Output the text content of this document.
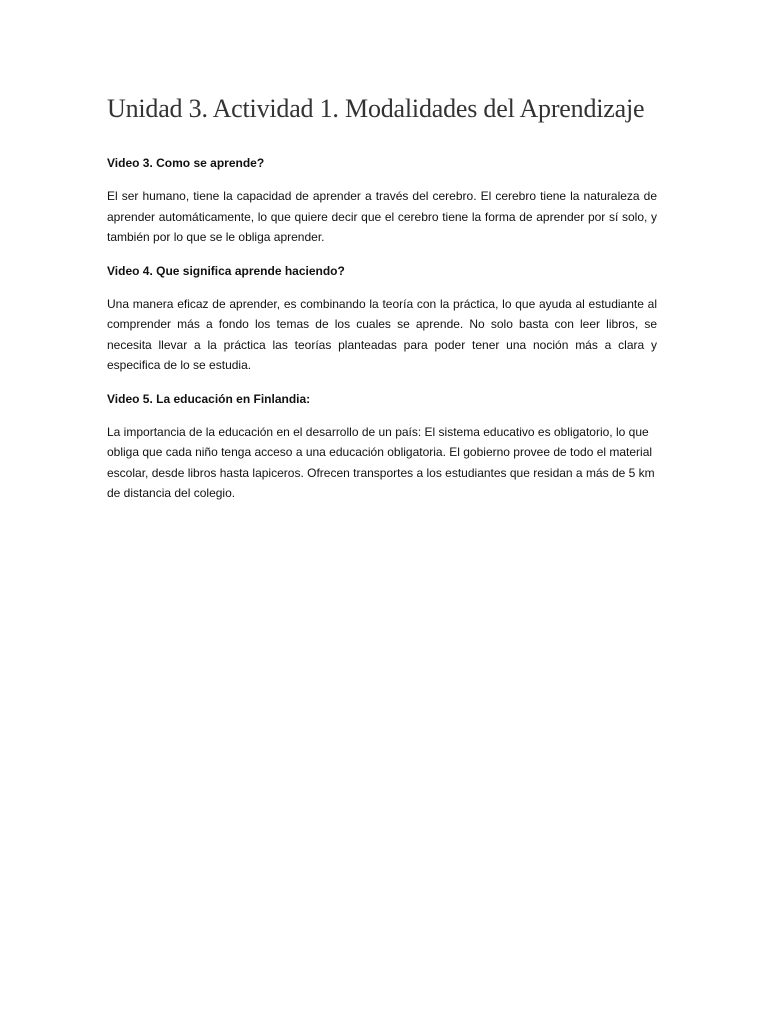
Unidad 3. Actividad 1. Modalidades del Aprendizaje
Video 3. Como se aprende?

El ser humano, tiene la capacidad de aprender a través del cerebro. El cerebro tiene la naturaleza de aprender automáticamente, lo que quiere decir que el cerebro tiene la forma de aprender por sí solo, y también por lo que se le obliga aprender.

Video 4. Que significa aprende haciendo?

Una manera eficaz de aprender, es combinando la teoría con la práctica, lo que ayuda al estudiante al comprender más a fondo los temas de los cuales se aprende. No solo basta con leer libros, se necesita llevar a la práctica las teorías planteadas para poder tener una noción más a clara y especifica de lo se estudia.

Video 5. La educación en Finlandia:

La importancia de la educación en el desarrollo de un país: El sistema educativo es obligatorio, lo que obliga que cada niño tenga acceso a una educación obligatoria. El gobierno provee de todo el material escolar, desde libros hasta lapiceros. Ofrecen transportes a los estudiantes que residan a más de 5 km de distancia del colegio.
